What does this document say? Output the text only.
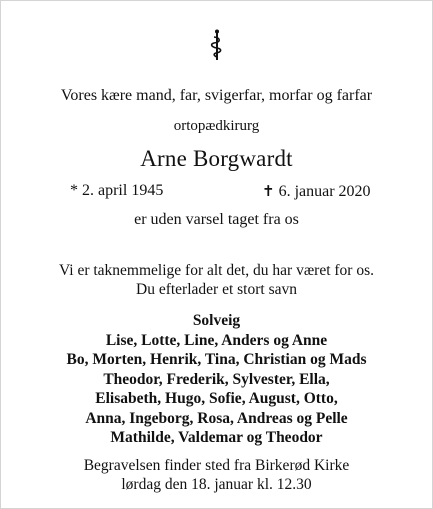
Vores kære mand, far, svigerfar, morfar og farfar
ortopædkirurg
Arne Borgwardt
* 2. april 1945	✝ 6. januar 2020
er uden varsel taget fra os
Vi er taknemmelige for alt det, du har været for os.
Du efterlader et stort savn
Solveig
Lise, Lotte, Line, Anders og Anne
Bo, Morten, Henrik, Tina, Christian og Mads
Theodor, Frederik, Sylvester, Ella,
Elisabeth, Hugo, Sofie, August, Otto,
Anna, Ingeborg, Rosa, Andreas og Pelle
Mathilde, Valdemar og Theodor
Begravelsen finder sted fra Birkerød Kirke
lørdag den 18. januar kl. 12.30
